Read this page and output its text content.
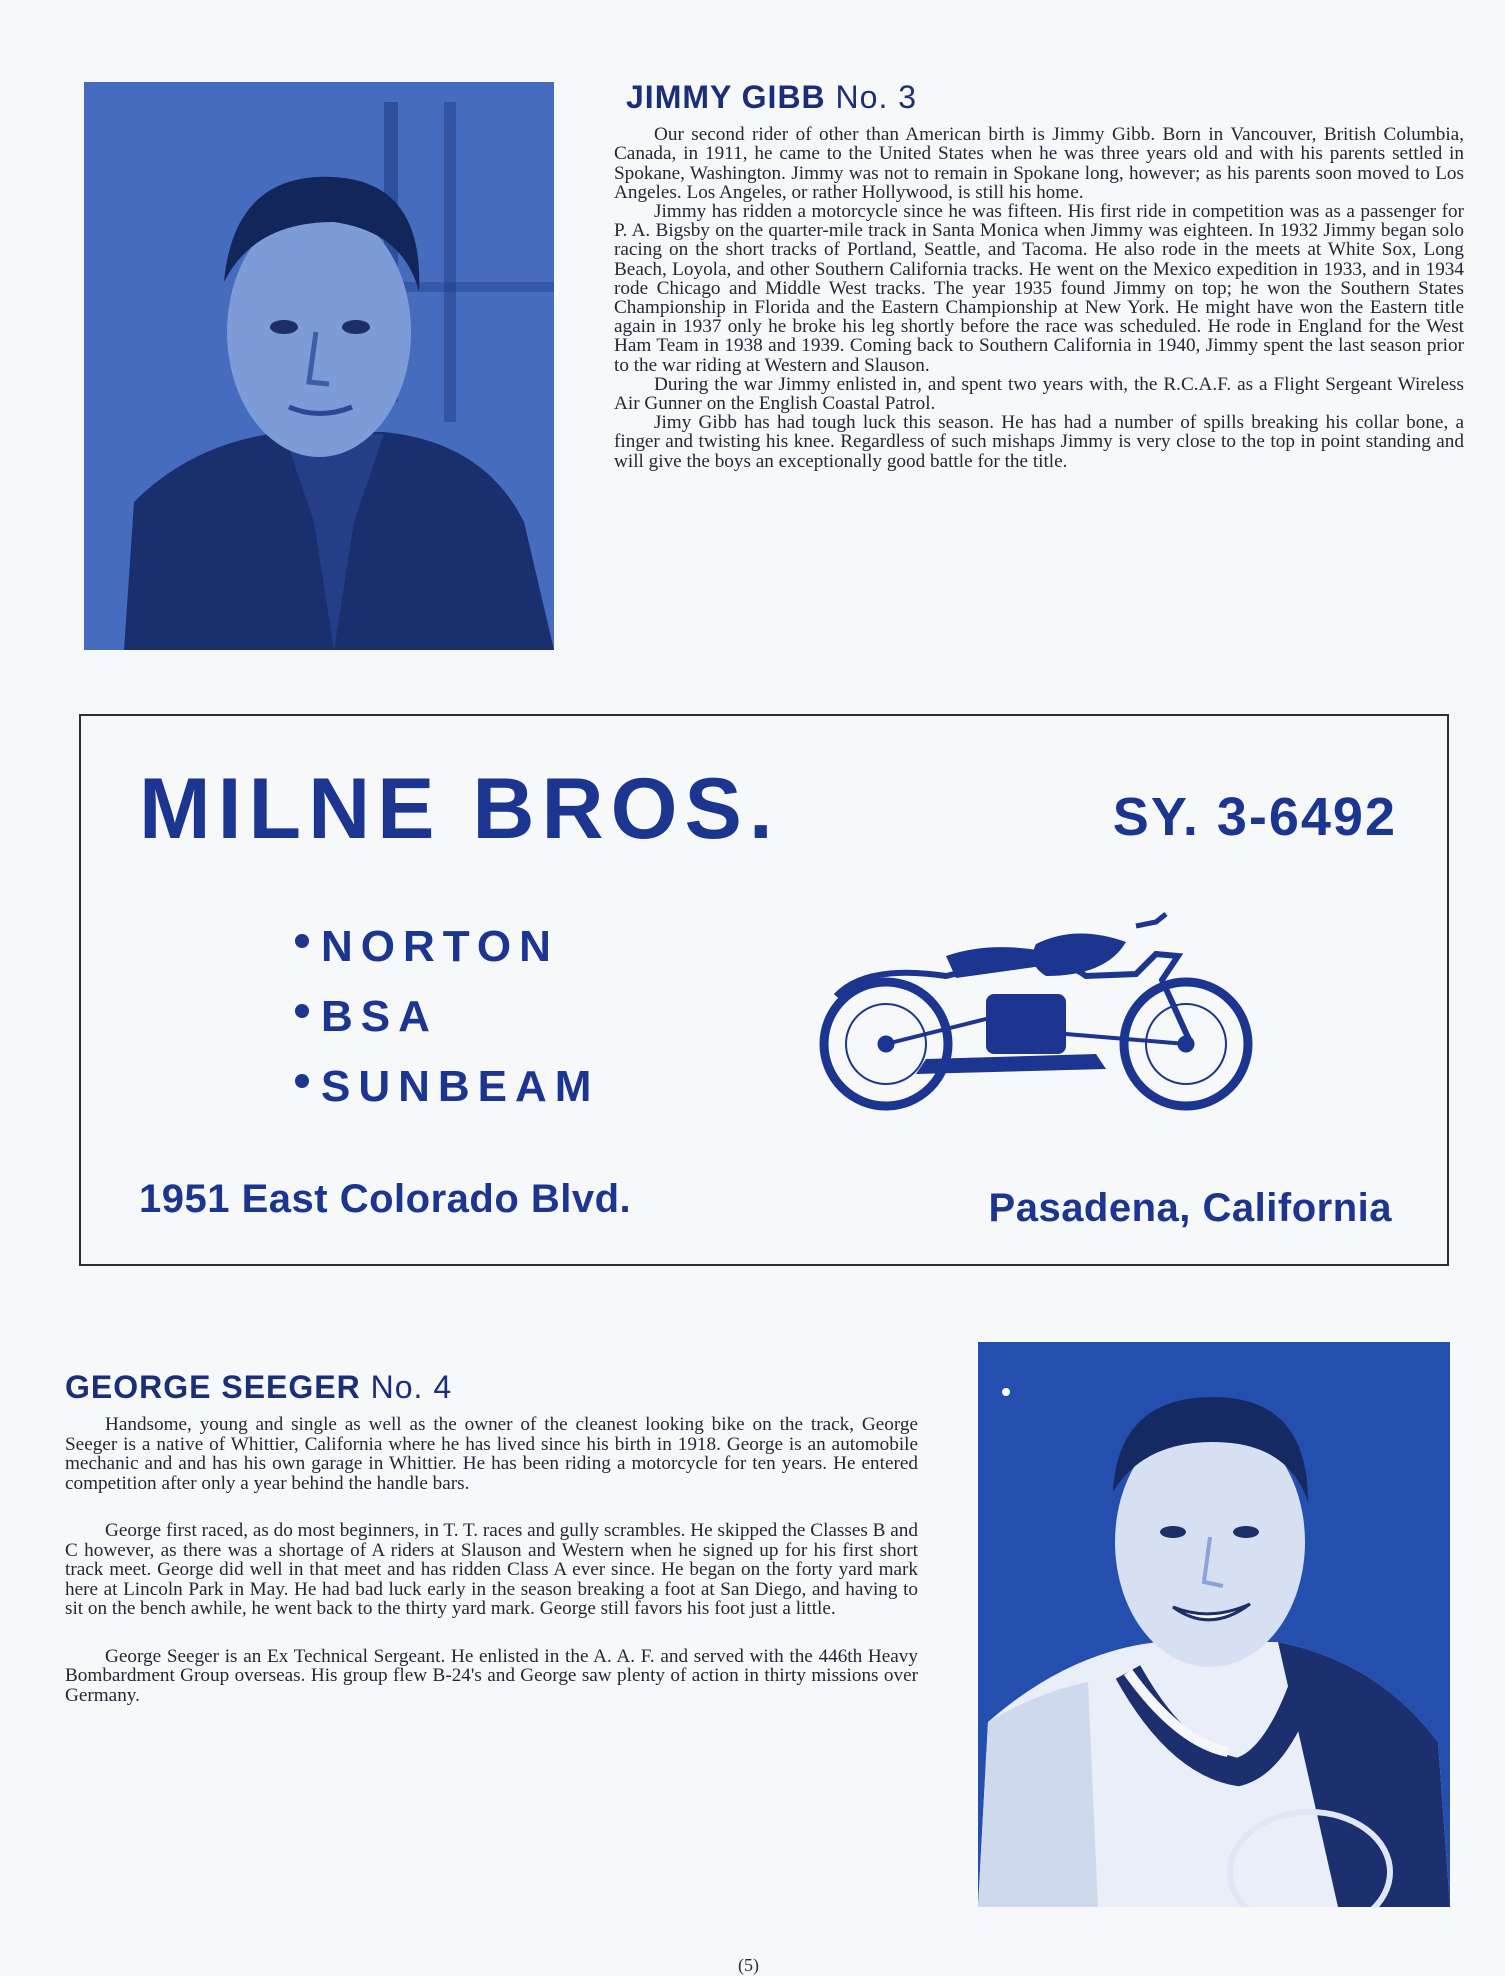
JIMMY GIBB No. 3

Our second rider of other than American birth is Jimmy Gibb. Born in Vancouver, British Columbia, Canada, in 1911, he came to the United States when he was three years old and with his parents settled in Spokane, Washington. Jimmy was not to remain in Spokane long, however; as his parents soon moved to Los Angeles. Los Angeles, or rather Hollywood, is still his home.

Jimmy has ridden a motorcycle since he was fifteen. His first ride in competition was as a passenger for P. A. Bigsby on the quarter-mile track in Santa Monica when Jimmy was eighteen. In 1932 Jimmy began solo racing on the short tracks of Portland, Seattle, and Tacoma. He also rode in the meets at White Sox, Long Beach, Loyola, and other Southern California tracks. He went on the Mexico expedition in 1933, and in 1934 rode Chicago and Middle West tracks. The year 1935 found Jimmy on top; he won the Southern States Championship in Florida and the Eastern Championship at New York. He might have won the Eastern title again in 1937 only he broke his leg shortly before the race was scheduled. He rode in England for the West Ham Team in 1938 and 1939. Coming back to Southern California in 1940, Jimmy spent the last season prior to the war riding at Western and Slauson.

During the war Jimmy enlisted in, and spent two years with, the R.C.A.F. as a Flight Sergeant Wireless Air Gunner on the English Coastal Patrol.

Jimy Gibb has had tough luck this season. He has had a number of spills breaking his collar bone, a finger and twisting his knee. Regardless of such mishaps Jimmy is very close to the top in point standing and will give the boys an exceptionally good battle for the title.

MILNE BROS.	SY. 3-6492
NORTON
BSA
SUNBEAM
1951 East Colorado Blvd.	Pasadena, California
GEORGE SEEGER No. 4

Handsome, young and single as well as the owner of the cleanest looking bike on the track, George Seeger is a native of Whittier, California where he has lived since his birth in 1918. George is an automobile mechanic and and has his own garage in Whittier. He has been riding a motorcycle for ten years. He entered competition after only a year behind the handle bars.

George first raced, as do most beginners, in T. T. races and gully scrambles. He skipped the Classes B and C however, as there was a shortage of A riders at Slauson and Western when he signed up for his first short track meet. George did well in that meet and has ridden Class A ever since. He began on the forty yard mark here at Lincoln Park in May. He had bad luck early in the season breaking a foot at San Diego, and having to sit on the bench awhile, he went back to the thirty yard mark. George still favors his foot just a little.

George Seeger is an Ex Technical Sergeant. He enlisted in the A. A. F. and served with the 446th Heavy Bombardment Group overseas. His group flew B-24's and George saw plenty of action in thirty missions over Germany.

(5)
